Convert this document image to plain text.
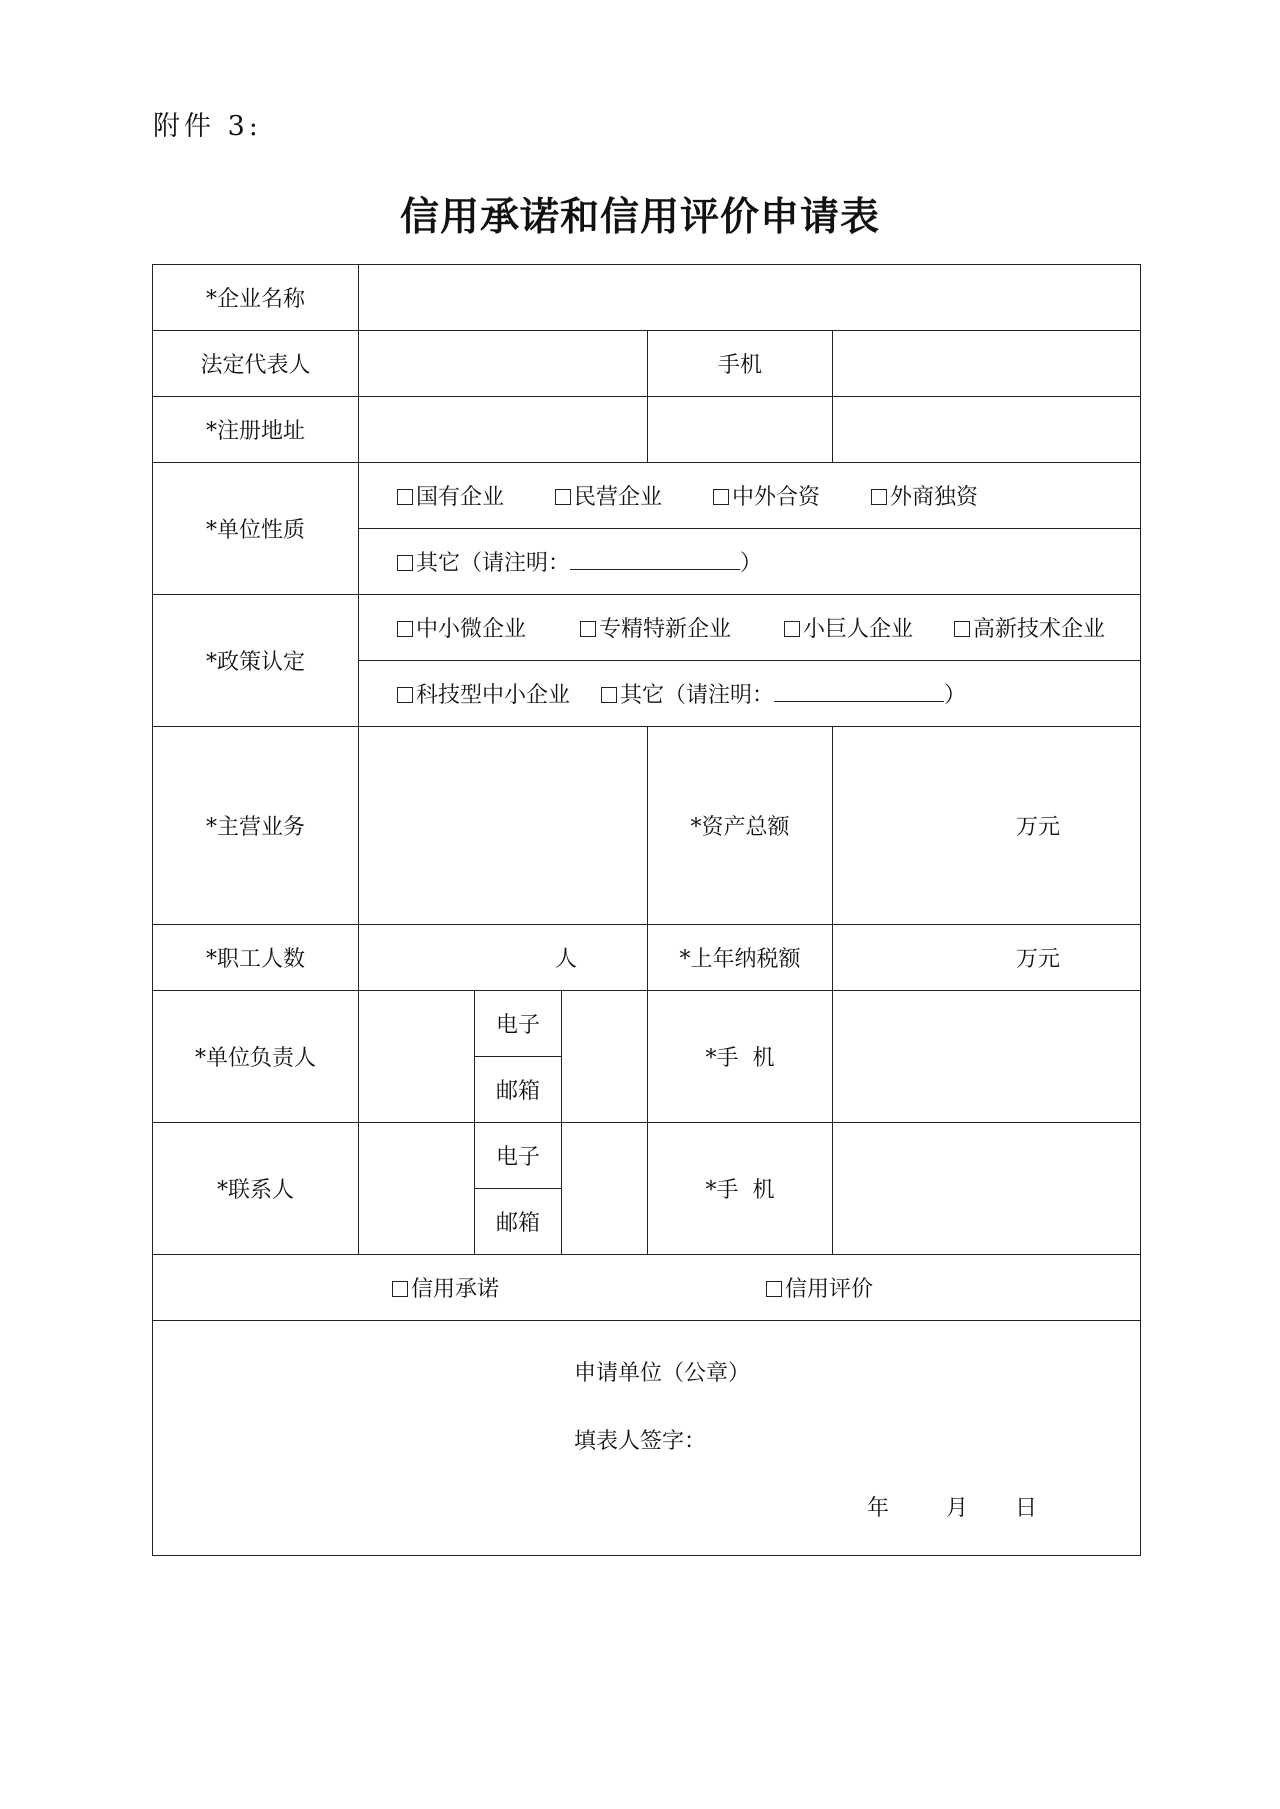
附件 3:
信用承诺和信用评价申请表
*企业名称					
法定代表人				手机	
*注册地址					
*单位性质	国有企业 民营企业 中外合资 外商独资				
	其它（请注明： ）				
*政策认定	中小微企业 专精特新企业 小巨人企业 高新技术企业				
	科技型中小企业 其它（请注明： ）				
*主营业务				*资产总额	万元
*职工人数	人			*上年纳税额	万元
*单位负责人		电子		*手  机	
		邮箱			
*联系人		电子		*手  机	
		邮箱			
信用承诺 信用评价					

申请单位（公章）
填表人签字：
年 月 日					
